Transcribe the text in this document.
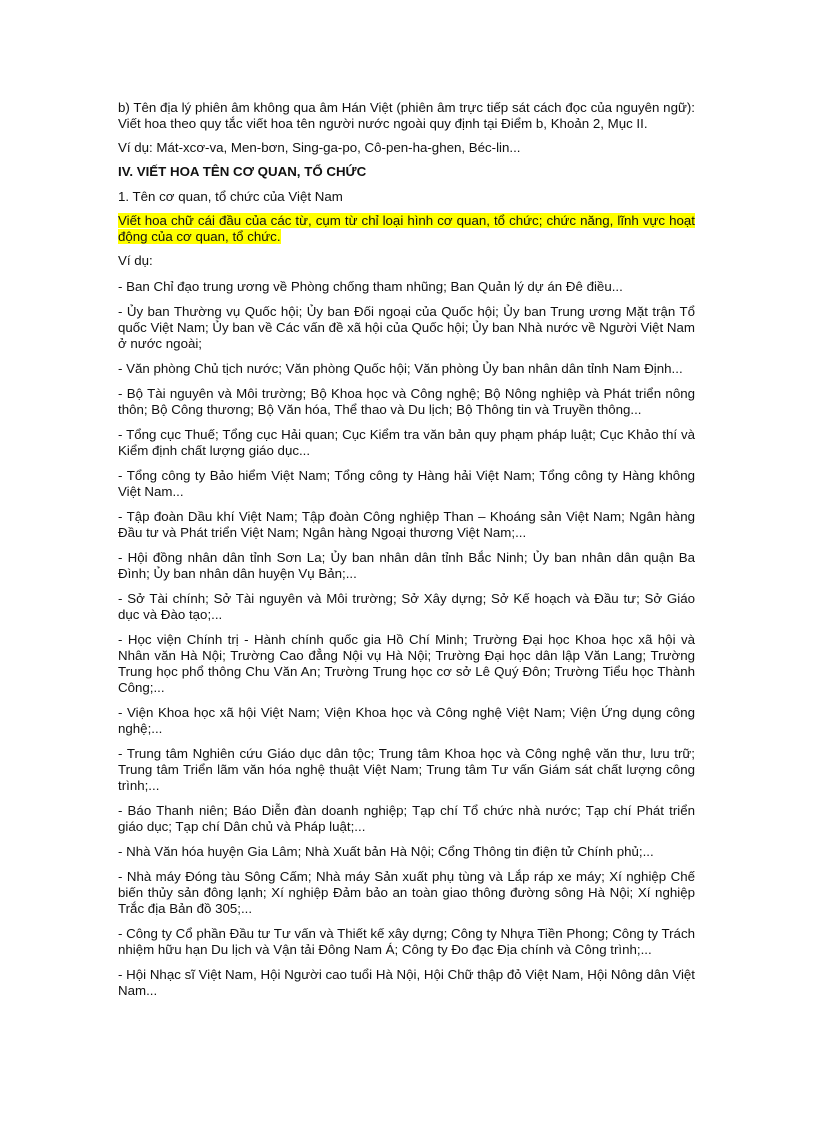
b) Tên địa lý phiên âm không qua âm Hán Việt (phiên âm trực tiếp sát cách đọc của nguyên ngữ): Viết hoa theo quy tắc viết hoa tên người nước ngoài quy định tại Điểm b, Khoản 2, Mục II.

Ví dụ: Mát-xcơ-va, Men-bơn, Sing-ga-po, Cô-pen-ha-ghen, Béc-lin...

IV. VIẾT HOA TÊN CƠ QUAN, TỔ CHỨC

1. Tên cơ quan, tổ chức của Việt Nam

Viết hoa chữ cái đầu của các từ, cụm từ chỉ loại hình cơ quan, tổ chức; chức năng, lĩnh vực hoạt động của cơ quan, tổ chức.

Ví dụ:

- Ban Chỉ đạo trung ương về Phòng chống tham nhũng; Ban Quản lý dự án Đê điều...

- Ủy ban Thường vụ Quốc hội; Ủy ban Đối ngoại của Quốc hội; Ủy ban Trung ương Mặt trận Tổ quốc Việt Nam; Ủy ban về Các vấn đề xã hội của Quốc hội; Ủy ban Nhà nước về Người Việt Nam ở nước ngoài;

- Văn phòng Chủ tịch nước; Văn phòng Quốc hội; Văn phòng Ủy ban nhân dân tỉnh Nam Định...

- Bộ Tài nguyên và Môi trường; Bộ Khoa học và Công nghệ; Bộ Nông nghiệp và Phát triển nông thôn; Bộ Công thương; Bộ Văn hóa, Thể thao và Du lịch; Bộ Thông tin và Truyền thông...

- Tổng cục Thuế; Tổng cục Hải quan; Cục Kiểm tra văn bản quy phạm pháp luật; Cục Khảo thí và Kiểm định chất lượng giáo dục...

- Tổng công ty Bảo hiểm Việt Nam; Tổng công ty Hàng hải Việt Nam; Tổng công ty Hàng không Việt Nam...

- Tập đoàn Dầu khí Việt Nam; Tập đoàn Công nghiệp Than – Khoáng sản Việt Nam; Ngân hàng Đầu tư và Phát triển Việt Nam; Ngân hàng Ngoại thương Việt Nam;...

- Hội đồng nhân dân tỉnh Sơn La; Ủy ban nhân dân tỉnh Bắc Ninh; Ủy ban nhân dân quận Ba Đình; Ủy ban nhân dân huyện Vụ Bản;...

- Sở Tài chính; Sở Tài nguyên và Môi trường; Sở Xây dựng; Sở Kế hoạch và Đầu tư; Sở Giáo dục và Đào tạo;...

- Học viện Chính trị - Hành chính quốc gia Hồ Chí Minh; Trường Đại học Khoa học xã hội và Nhân văn Hà Nội; Trường Cao đẳng Nội vụ Hà Nội; Trường Đại học dân lập Văn Lang; Trường Trung học phổ thông Chu Văn An; Trường Trung học cơ sở Lê Quý Đôn; Trường Tiểu học Thành Công;...

- Viện Khoa học xã hội Việt Nam; Viện Khoa học và Công nghệ Việt Nam; Viện Ứng dụng công nghệ;...

- Trung tâm Nghiên cứu Giáo dục dân tộc; Trung tâm Khoa học và Công nghệ văn thư, lưu trữ; Trung tâm Triển lãm văn hóa nghệ thuật Việt Nam; Trung tâm Tư vấn Giám sát chất lượng công trình;...

- Báo Thanh niên; Báo Diễn đàn doanh nghiệp; Tạp chí Tổ chức nhà nước; Tạp chí Phát triển giáo dục; Tạp chí Dân chủ và Pháp luật;...

- Nhà Văn hóa huyện Gia Lâm; Nhà Xuất bản Hà Nội; Cổng Thông tin điện tử Chính phủ;...

- Nhà máy Đóng tàu Sông Cấm; Nhà máy Sản xuất phụ tùng và Lắp ráp xe máy; Xí nghiệp Chế biến thủy sản đông lạnh; Xí nghiệp Đảm bảo an toàn giao thông đường sông Hà Nội; Xí nghiệp Trắc địa Bản đồ 305;...

- Công ty Cổ phần Đầu tư Tư vấn và Thiết kế xây dựng; Công ty Nhựa Tiền Phong; Công ty Trách nhiệm hữu hạn Du lịch và Vận tải Đông Nam Á; Công ty Đo đạc Địa chính và Công trình;...

- Hội Nhạc sĩ Việt Nam, Hội Người cao tuổi Hà Nội, Hội Chữ thập đỏ Việt Nam, Hội Nông dân Việt Nam...
